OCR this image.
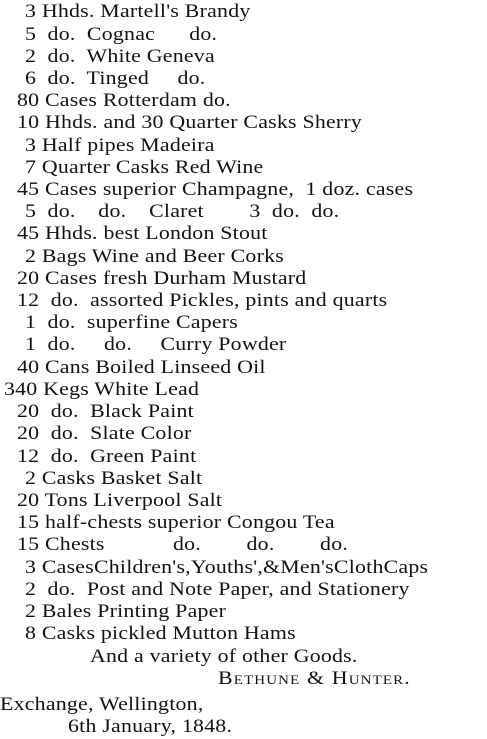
3 Hhds. Martell's Brandy
5  do.  Cognac      do.
2  do.  White Geneva
6  do.  Tinged     do.
80 Cases Rotterdam do.
10 Hhds. and 30 Quarter Casks Sherry
3 Half pipes Madeira
7 Quarter Casks Red Wine
45 Cases superior Champagne,  1 doz. cases
5  do.    do.    Claret        3  do.  do.
45 Hhds. best London Stout
2 Bags Wine and Beer Corks
20 Cases fresh Durham Mustard
12  do.  assorted Pickles, pints and quarts
1  do.  superfine Capers
1  do.     do.     Curry Powder
40 Cans Boiled Linseed Oil
340 Kegs White Lead
20  do.  Black Paint
20  do.  Slate Color
12  do.  Green Paint
2 Casks Basket Salt
20 Tons Liverpool Salt
15 half-chests superior Congou Tea
15 Chests            do.        do.        do.
3 CasesChildren's,Youths',&Men'sClothCaps
2  do.  Post and Note Paper, and Stationery
2 Bales Printing Paper
8 Casks pickled Mutton Hams
And a variety of other Goods.
Bethune & Hunter.
Exchange, Wellington,
6th January, 1848.
